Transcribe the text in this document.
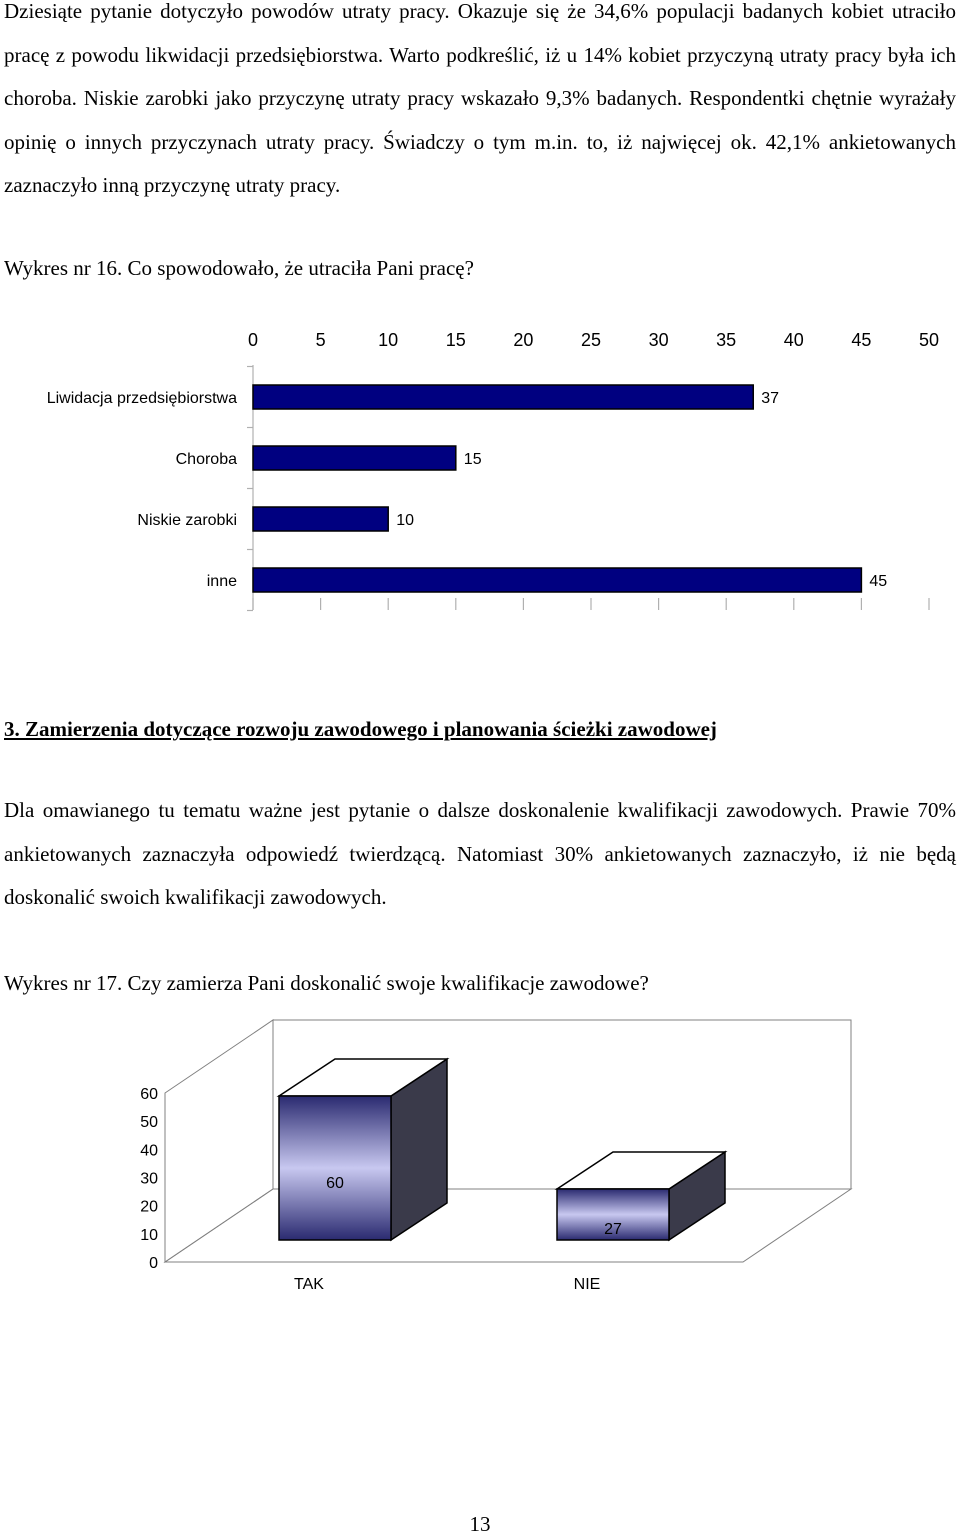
Dziesiąte pytanie dotyczyło powodów utraty pracy. Okazuje się że 34,6% populacji badanych kobiet utraciło pracę z powodu likwidacji przedsiębiorstwa. Warto podkreślić, iż u 14% kobiet przyczyną utraty pracy była ich choroba. Niskie zarobki jako przyczynę utraty pracy wskazało 9,3% badanych. Respondentki chętnie wyrażały opinię o innych przyczynach utraty pracy. Świadczy o tym m.in. to, iż najwięcej ok. 42,1% ankietowanych zaznaczyło inną przyczynę utraty pracy.
Wykres nr 16. Co spowodowało, że utraciła Pani pracę?
0	5	10	15	20	25	30	35	40	45	50
Liwidacja przedsiębiorstwa	37
Choroba	15
Niskie zarobki	10
inne	45
3. Zamierzenia dotyczące rozwoju zawodowego i planowania ścieżki zawodowej
Dla omawianego tu tematu ważne jest pytanie o dalsze doskonalenie kwalifikacji zawodowych. Prawie 70% ankietowanych zaznaczyła odpowiedź twierdzącą. Natomiast 30% ankietowanych zaznaczyło, iż nie będą doskonalić swoich kwalifikacji zawodowych.
Wykres nr 17. Czy zamierza Pani doskonalić swoje kwalifikacje zawodowe?
0
10
20
30
40
50
60
60
TAK
27
NIE
13
